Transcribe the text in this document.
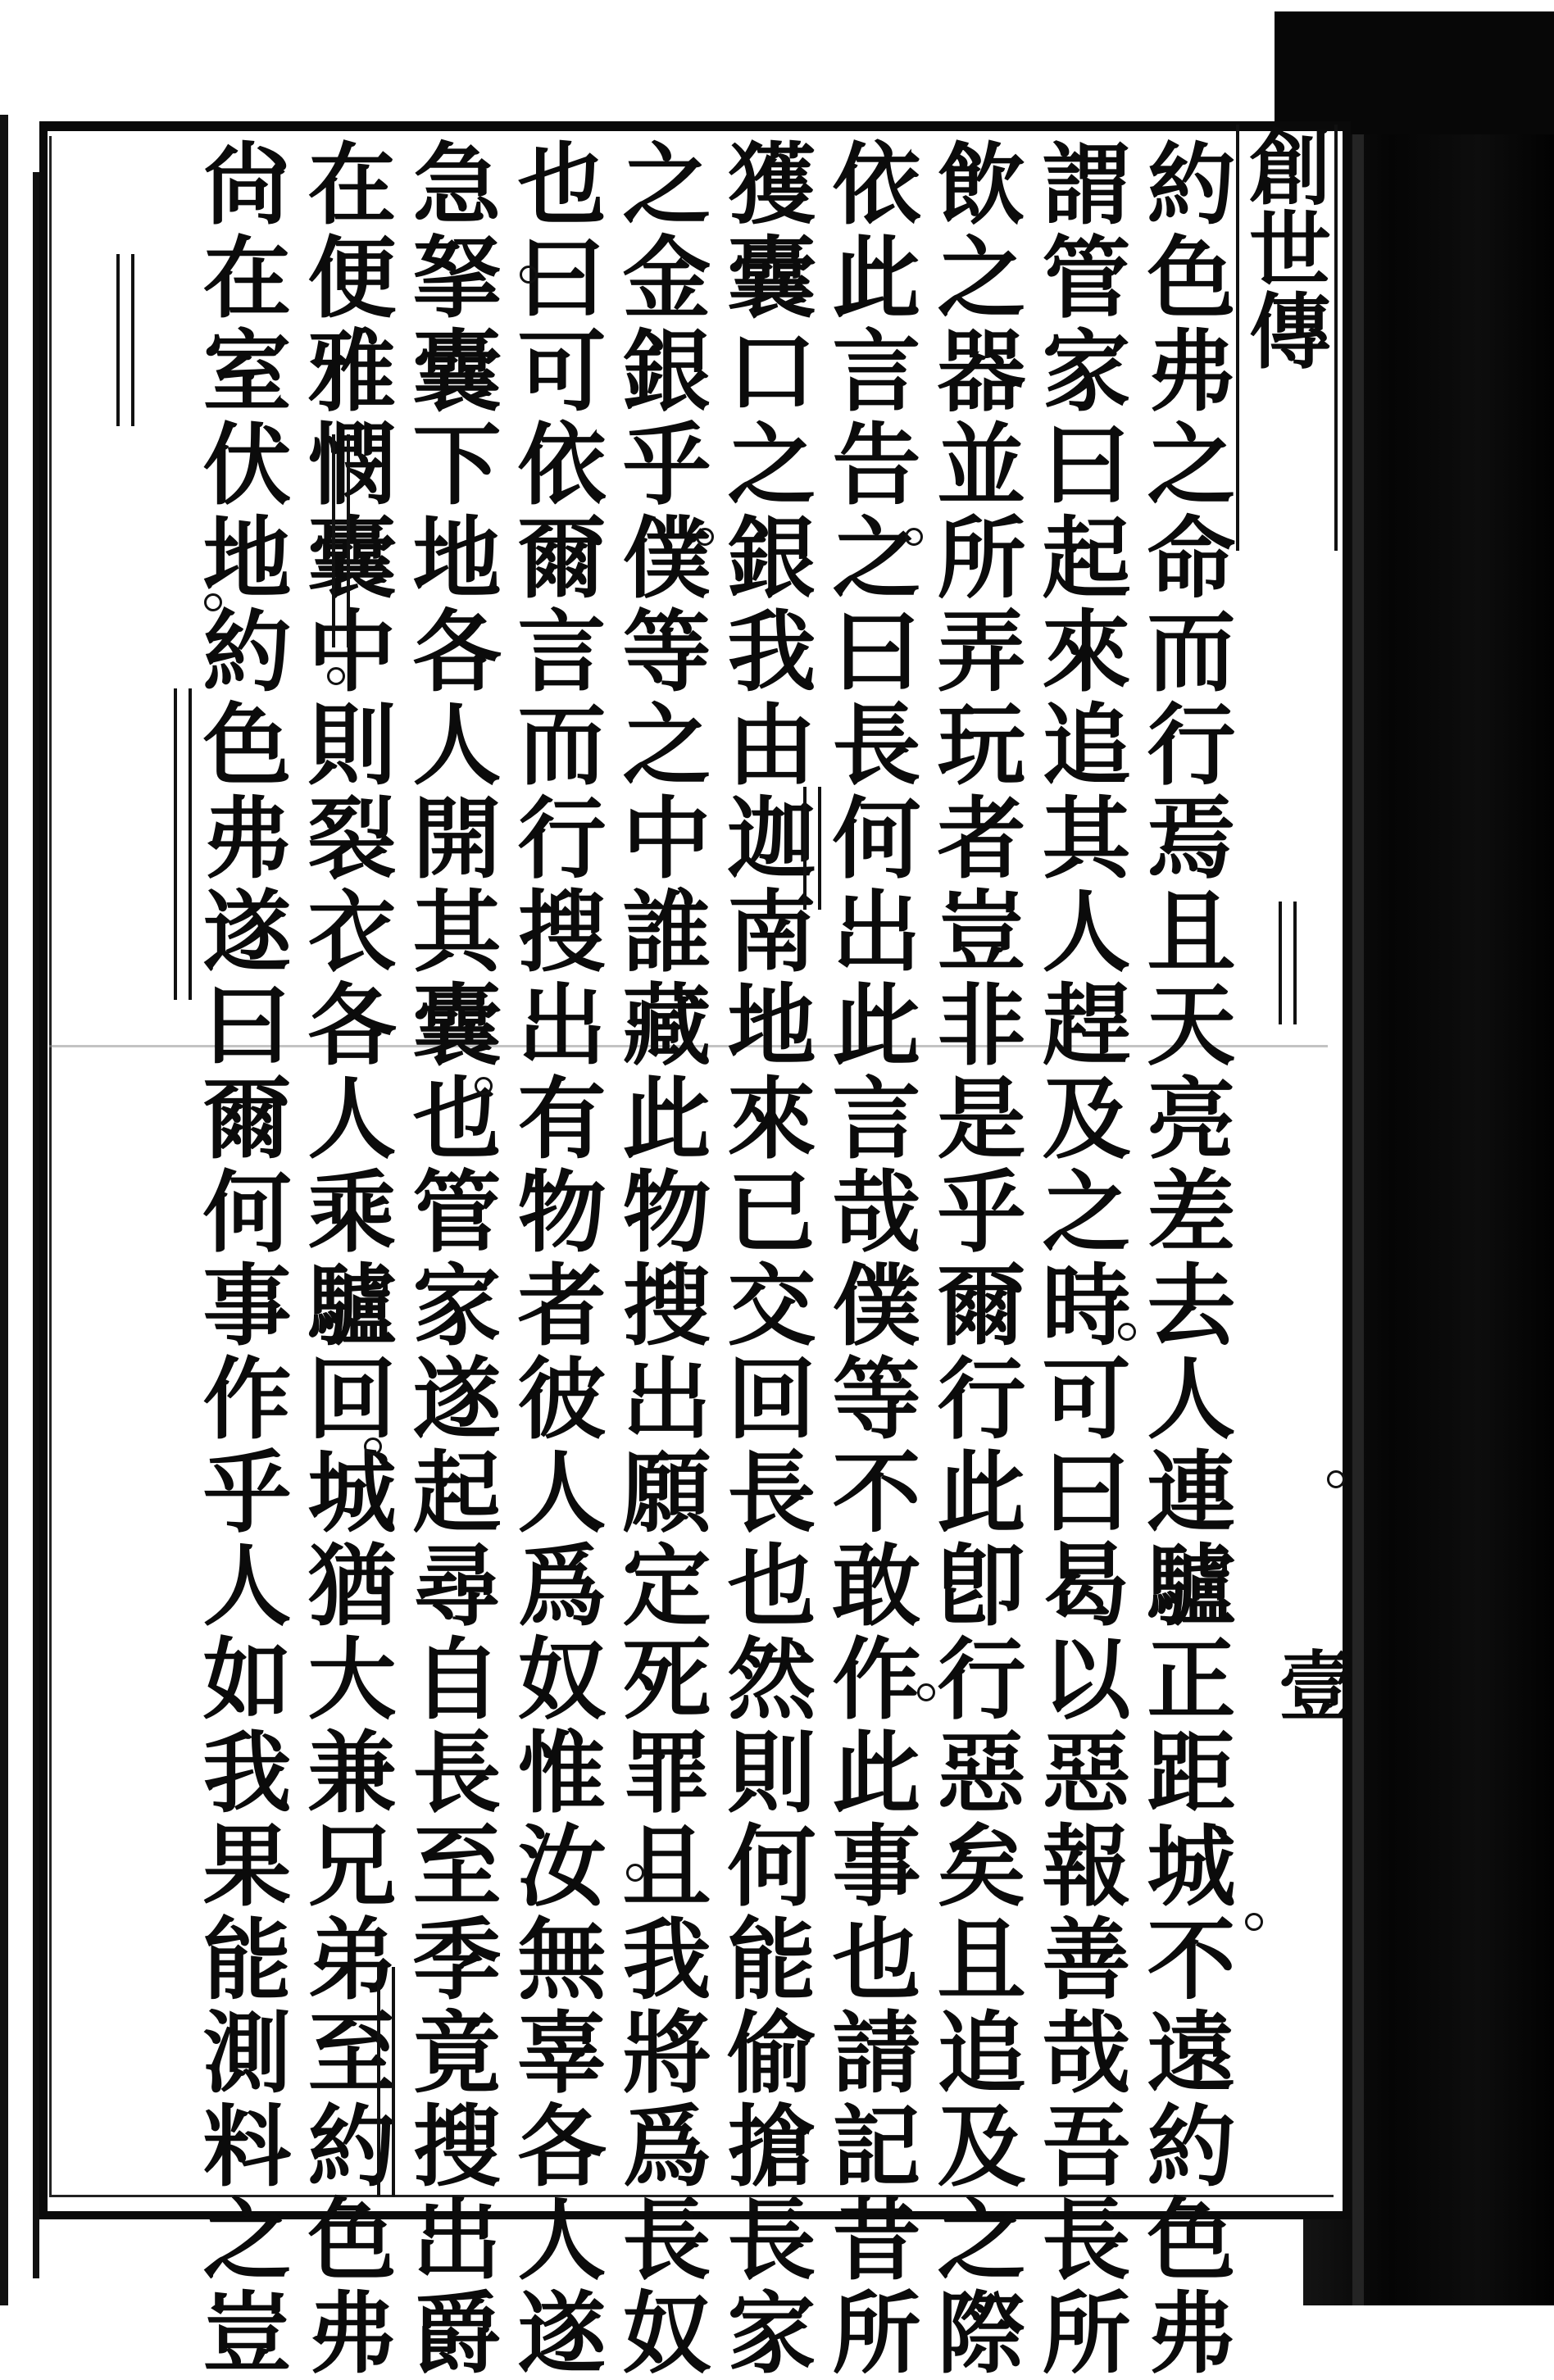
創世傳
壹
約色弗之命而行焉且天亮差去人連驢正距城不遠約色弗
謂管家曰起來追其人趕及之時可曰曷以惡報善哉吾長所
飲之器並所弄玩者豈非是乎爾行此卽行惡矣且追及之際
依此言告之曰長何出此言哉僕等不敢作此事也請記昔所
獲囊口之銀我由迦南地來已交回長也然則何能偷搶長家
之金銀乎僕等之中誰藏此物搜出願定死罪且我將爲長奴
也曰可依爾言而行搜出有物者彼人爲奴惟汝無辜各人遂
急拏囊下地各人開其囊也管家遂起尋自長至季竟搜出爵
在便雅憫囊中則裂衣各人乘驢回城猶大兼兄弟至約色弗
尙在室伏地約色弗遂曰爾何事作乎人如我果能測料之豈
